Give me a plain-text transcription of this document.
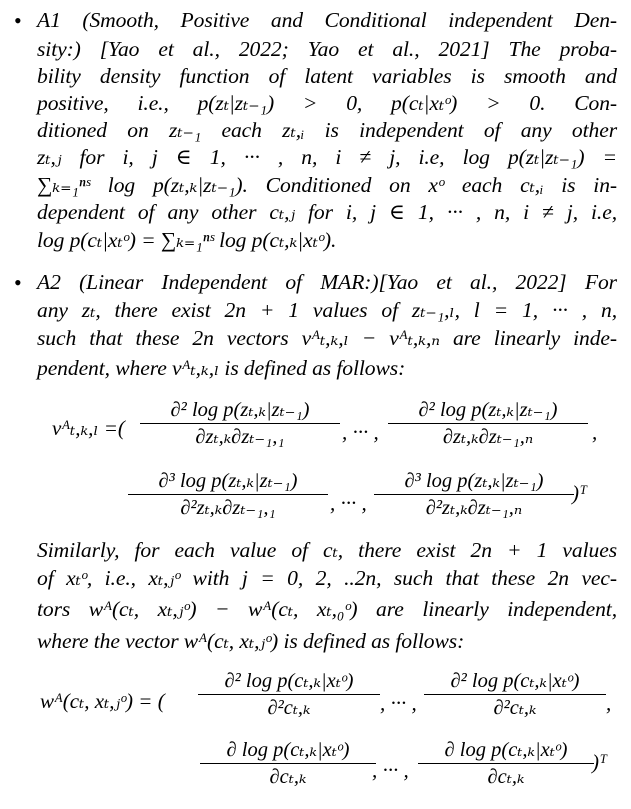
• A1 (Smooth, Positive and Conditional independent Den-
sity:) [Yao et al., 2022; Yao et al., 2021] The proba-
bility density function of latent variables is smooth and
positive, i.e., p(zₜ|zₜ₋₁) > 0, p(cₜ|xₜᵒ) > 0. Con-
ditioned on zₜ₋₁ each zₜ,ᵢ is independent of any other
zₜ,ⱼ for i, j ∈ 1, ··· , n, i ≠ j, i.e, log p(zₜ|zₜ₋₁) =
∑ₖ₌₁ⁿˢ log p(zₜ,ₖ|zₜ₋₁). Conditioned on xᵒ each cₜ,ᵢ is in-
dependent of any other cₜ,ⱼ for i, j ∈ 1, ··· , n, i ≠ j, i.e,
log p(cₜ|xₜᵒ) = ∑ₖ₌₁ⁿˢ log p(cₜ,ₖ|xₜᵒ).
• A2 (Linear Independent of MAR:)[Yao et al., 2022] For
any zₜ, there exist 2n + 1 values of zₜ₋₁,ₗ, l = 1, ··· , n,
such that these 2n vectors vᴬₜ,ₖ,ₗ − vᴬₜ,ₖ,ₙ are linearly inde-
pendent, where vᴬₜ,ₖ,ₗ is defined as follows:
vᴬₜ,ₖ,ₗ =( $\frac{\text{∂² log p(zₜ,ₖ|zₜ₋₁)}}{\text{∂zₜ,ₖ∂zₜ₋₁,₁}}$ , ··· , $\frac{\text{∂² log p(zₜ,ₖ|zₜ₋₁)}}{\text{∂zₜ,ₖ∂zₜ₋₁,ₙ}}$ ,
$\frac{\text{∂³ log p(zₜ,ₖ|zₜ₋₁)}}{\text{∂²zₜ,ₖ∂zₜ₋₁,₁}}$ , ··· , $\frac{\text{∂³ log p(zₜ,ₖ|zₜ₋₁)}}{\text{∂²zₜ,ₖ∂zₜ₋₁,ₙ}}$
)ᵀ
Similarly, for each value of cₜ, there exist 2n + 1 values
of xₜᵒ, i.e., xₜ,ⱼᵒ with j = 0, 2, ..2n, such that these 2n vec-
tors wᴬ(cₜ, xₜ,ⱼᵒ) − wᴬ(cₜ, xₜ,₀ᵒ) are linearly independent,
where the vector wᴬ(cₜ, xₜ,ⱼᵒ) is defined as follows:
wᴬ(cₜ, xₜ,ⱼᵒ) = (
∂² log p(cₜ,ₖ|xₜᵒ)
∂²cₜ,ₖ	, ··· ,
∂² log p(cₜ,ₖ|xₜᵒ)
∂²cₜ,ₖ	,
∂ log p(cₜ,ₖ|xₜᵒ)
∂cₜ,ₖ	, ··· ,
∂ log p(cₜ,ₖ|xₜᵒ)
∂cₜ,ₖ
)ᵀ
